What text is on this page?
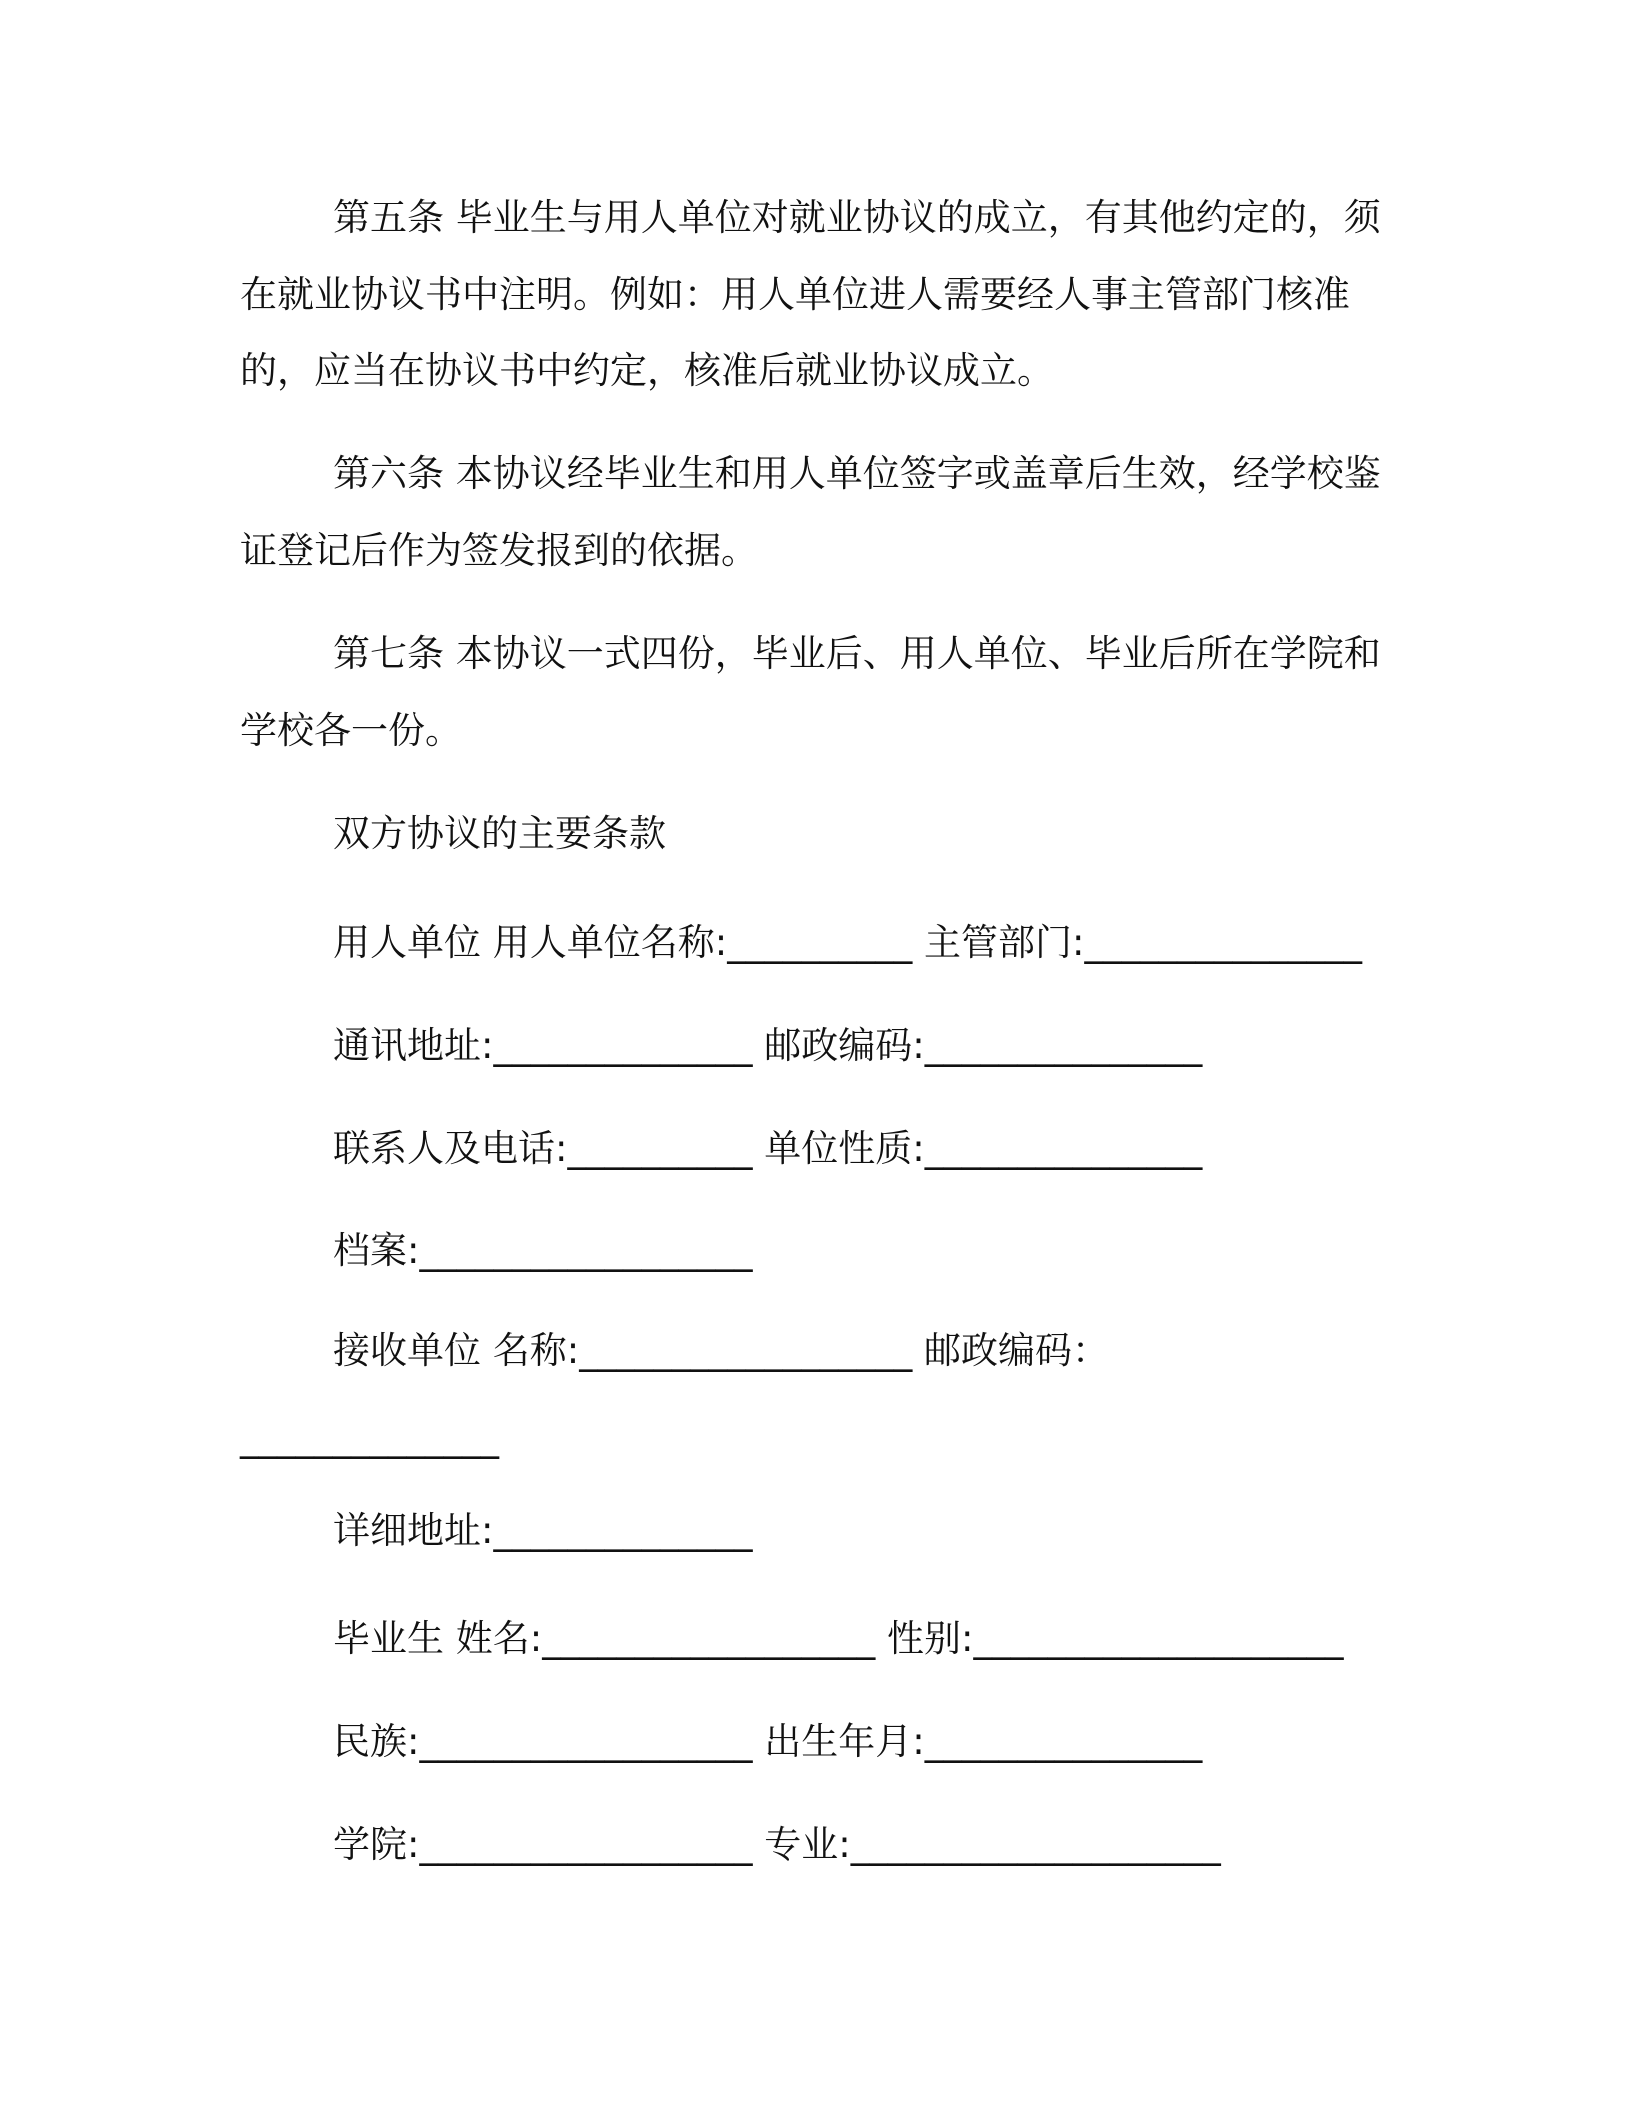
第五条 毕业生与用人单位对就业协议的成立，有其他约定的，须

在就业协议书中注明。例如：用人单位进人需要经人事主管部门核准

的，应当在协议书中约定，核准后就业协议成立。

第六条 本协议经毕业生和用人单位签字或盖章后生效，经学校鉴

证登记后作为签发报到的依据。

第七条 本协议一式四份，毕业后、用人单位、毕业后所在学院和

学校各一份。

双方协议的主要条款

用人单位 用人单位名称:__________ 主管部门:_______________

通讯地址:______________ 邮政编码:_______________

联系人及电话:__________ 单位性质:_______________

档案:__________________

接收单位 名称:__________________ 邮政编码：

______________

详细地址:______________

毕业生 姓名:__________________ 性别:____________________

民族:__________________ 出生年月:_______________

学院:__________________ 专业:____________________
